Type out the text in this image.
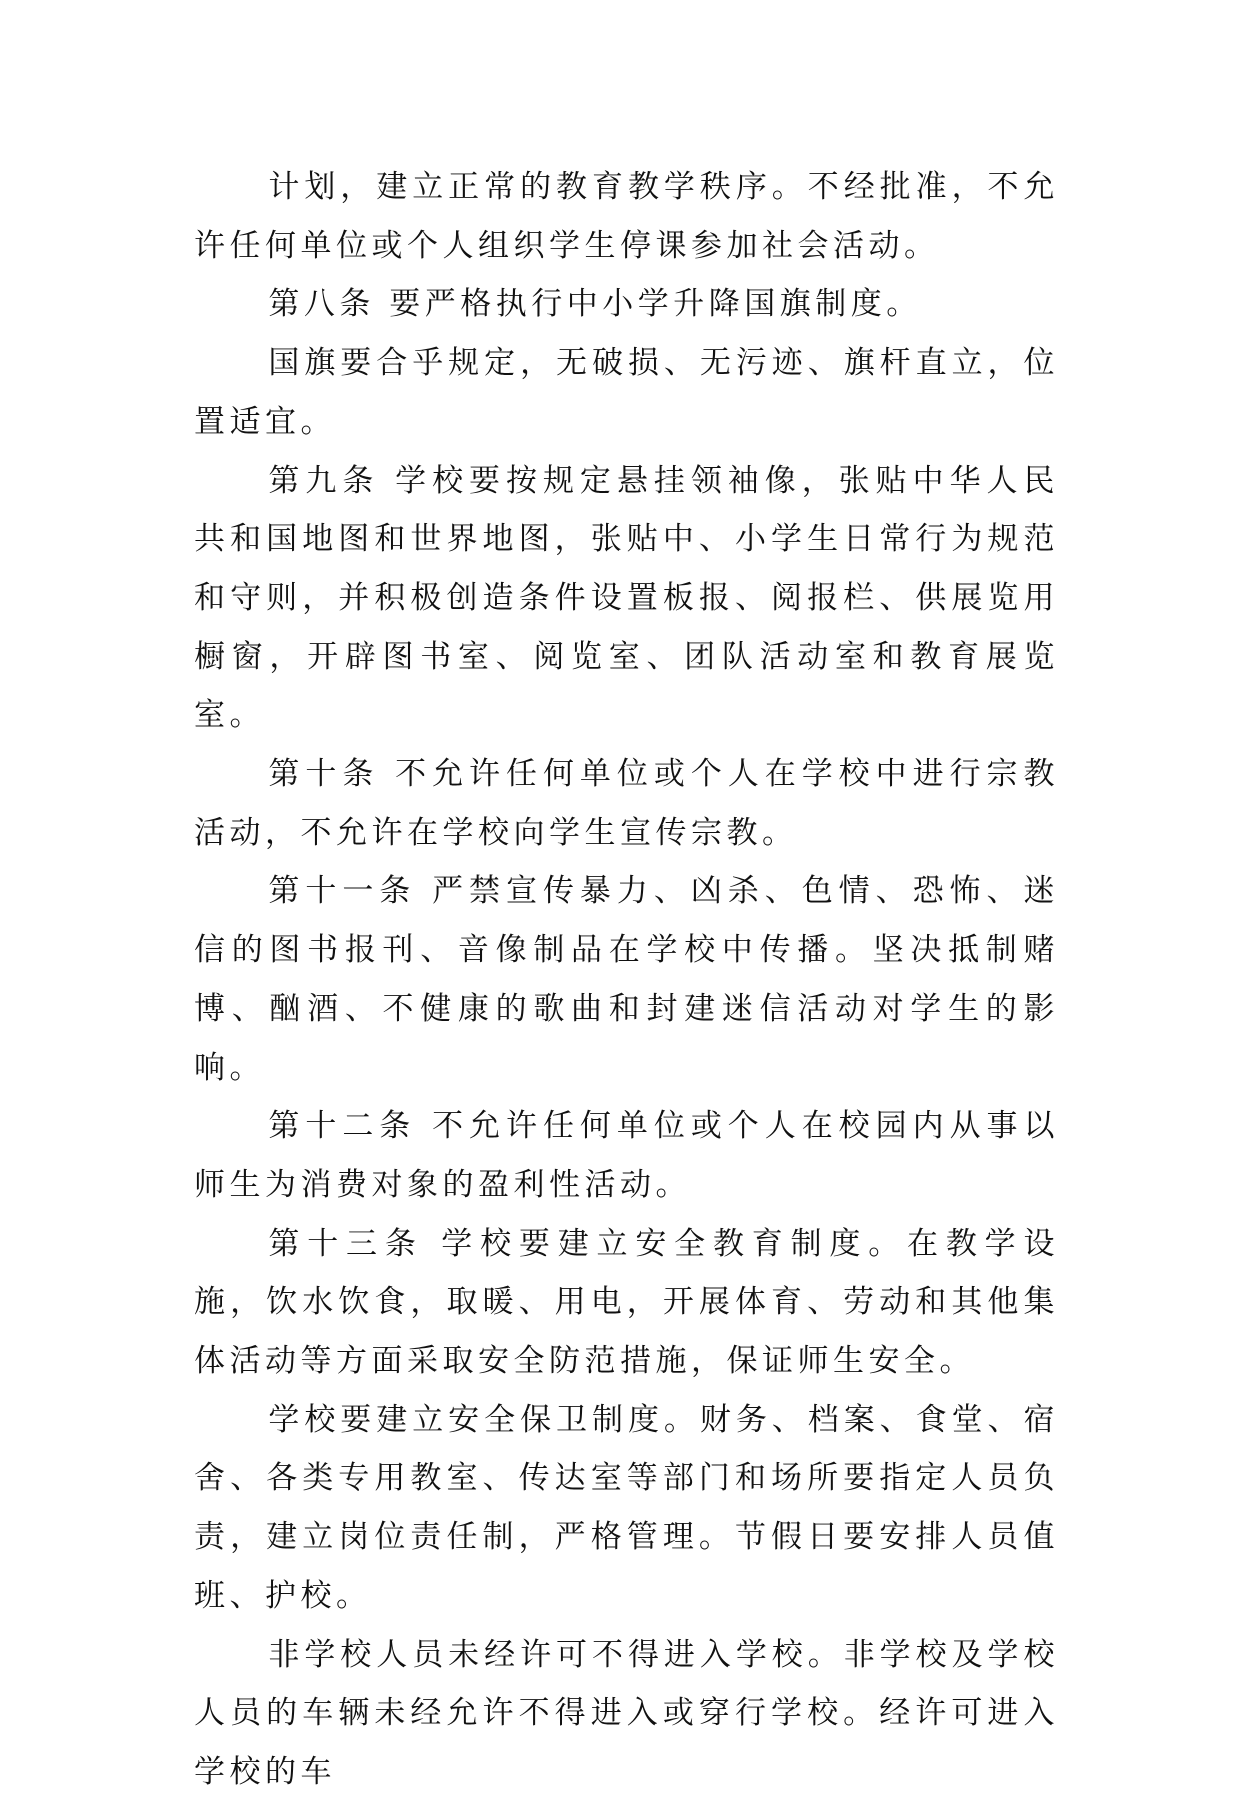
计划，建立正常的教育教学秩序。不经批准，不允许任何单位或个人组织学生停课参加社会活动。

第八条 要严格执行中小学升降国旗制度。

国旗要合乎规定，无破损、无污迹、旗杆直立，位置适宜。

第九条 学校要按规定悬挂领袖像，张贴中华人民共和国地图和世界地图，张贴中、小学生日常行为规范和守则，并积极创造条件设置板报、阅报栏、供展览用橱窗，开辟图书室、阅览室、团队活动室和教育展览室。

第十条 不允许任何单位或个人在学校中进行宗教活动，不允许在学校向学生宣传宗教。

第十一条 严禁宣传暴力、凶杀、色情、恐怖、迷信的图书报刊、音像制品在学校中传播。坚决抵制赌博、酗酒、不健康的歌曲和封建迷信活动对学生的影响。

第十二条 不允许任何单位或个人在校园内从事以师生为消费对象的盈利性活动。

第十三条 学校要建立安全教育制度。在教学设施，饮水饮食，取暖、用电，开展体育、劳动和其他集体活动等方面采取安全防范措施，保证师生安全。

学校要建立安全保卫制度。财务、档案、食堂、宿舍、各类专用教室、传达室等部门和场所要指定人员负责，建立岗位责任制，严格管理。节假日要安排人员值班、护校。

非学校人员未经许可不得进入学校。非学校及学校人员的车辆未经允许不得进入或穿行学校。经许可进入学校的车
